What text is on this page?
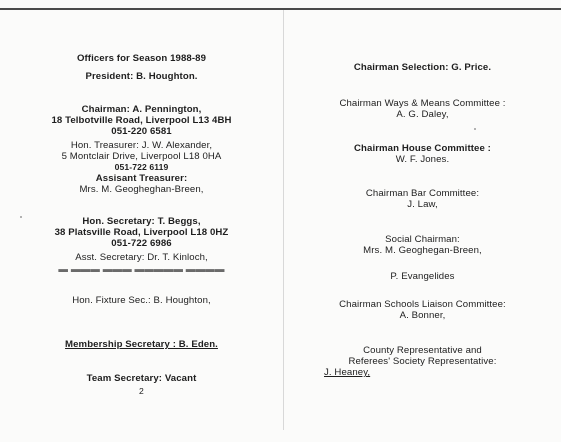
Officers for Season 1988-89
President: B. Houghton.
Chairman: A. Pennington,
18 Telbotville Road, Liverpool L13 4BH
051-220 6581
Hon. Treasurer: J. W. Alexander,
5 Montclair Drive, Liverpool L18 0HA
051-722 6119
Assisant Treasurer:
Mrs. M. Geogheghan-Breen,
Hon. Secretary: T. Beggs,
38 Platsville Road, Liverpool L18 0HZ
051-722 6986
Asst. Secretary: Dr. T. Kinloch,
▬ ▬▬▬ ▬▬▬ ▬▬▬▬▬ ▬▬▬▬
Hon. Fixture Sec.: B. Houghton,
Membership Secretary : B. Eden.
Team Secretary: Vacant
2
Chairman Selection: G. Price.
Chairman Ways & Means Committee :
A. G. Daley,
Chairman House Committee :
W. F. Jones.
Chairman Bar Committee:
J. Law,
Social Chairman:
Mrs. M. Geoghegan-Breen,
P. Evangelides
Chairman Schools Liaison Committee:
A. Bonner,
County Representative and
Referees' Society Representative:
J. Heaney,
